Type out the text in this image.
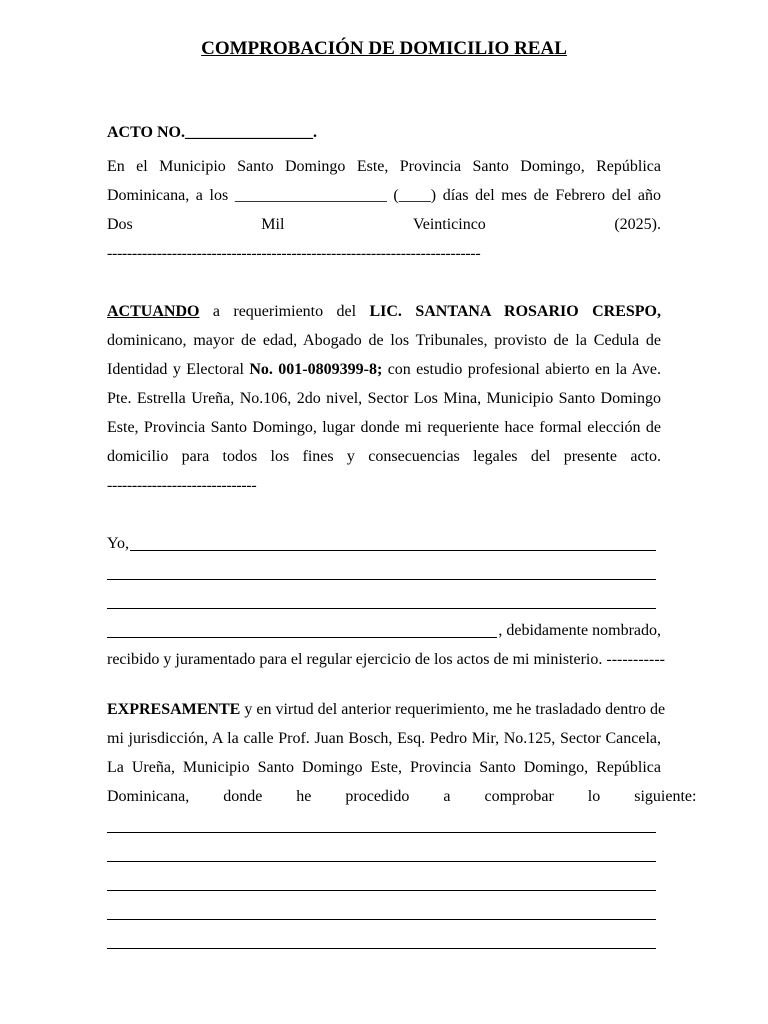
COMPROBACIÓN DE DOMICILIO REAL
ACTO NO.________________.
En el Municipio Santo Domingo Este, Provincia Santo Domingo, República
Dominicana, a los ___________________ (____) días del mes de Febrero del año
Dos	Mil	Veinticinco	(2025).
---------------------------------------------------------------------------
ACTUANDO a requerimiento del LIC. SANTANA ROSARIO CRESPO,
dominicano, mayor de edad, Abogado de los Tribunales, provisto de la Cedula de
Identidad y Electoral No. 001-0809399-8; con estudio profesional abierto en la Ave.
Pte. Estrella Ureña, No.106, 2do nivel, Sector Los Mina, Municipio Santo Domingo
Este, Provincia Santo Domingo, lugar donde mi requeriente hace formal elección de
domicilio para todos los fines y consecuencias legales del presente acto.
------------------------------
Yo,
, debidamente nombrado,
recibido y juramentado para el regular ejercicio de los actos de mi ministerio. -----------
EXPRESAMENTE y en virtud del anterior requerimiento, me he trasladado dentro de
mi jurisdicción, A la calle Prof. Juan Bosch, Esq. Pedro Mir, No.125, Sector Cancela,
La Ureña, Municipio Santo Domingo Este, Provincia Santo Domingo, República
Dominicana, donde he procedido a comprobar lo siguiente:
